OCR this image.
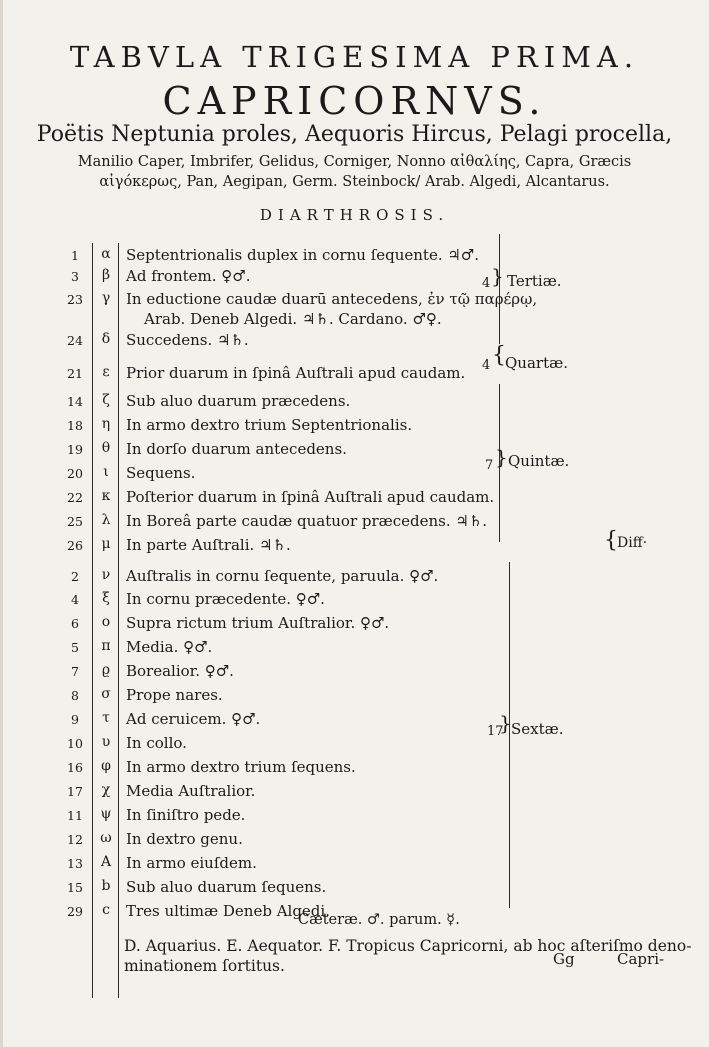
TABVLA TRIGESIMA PRIMA.
CAPRICORNVS.
Poëtis Neptunia proles, Aequoris Hircus, Pelagi procella,
Manilio Caper, Imbrifer, Gelidus, Corniger, Nonno αἰθαλίης, Capra, Græcis
αἰγόκερως, Pan, Aegipan, Germ. Steinbock/ Arab. Algedi, Alcantarus.
DIARTHROSIS.
1	α	Septentrionalis duplex in cornu ſequente. ♃♂.
3	β	Ad frontem. ♀♂.
23	γ	In eductione caudæ duarū antecedens, ἐν τῷ παρέρῳ,
Arab. Deneb Algedi. ♃♄. Cardano. ♂♀.
24	δ	Succedens. ♃♄.
21	ε	Prior duarum in ſpinâ Auſtrali apud caudam.
14	ζ	Sub aluo duarum præcedens.
18	η	In armo dextro trium Septentrionalis.
19	θ	In dorſo duarum antecedens.
20	ι	Sequens.
22	κ	Poſterior duarum in ſpinâ Auſtrali apud caudam.
25	λ	In Boreâ parte caudæ quatuor præcedens. ♃♄.
26	μ	In parte Auſtrali. ♃♄.
2	ν	Auſtralis in cornu ſequente, paruula. ♀♂.
4	ξ	In cornu præcedente. ♀♂.
6	ο	Supra rictum trium Auſtralior. ♀♂.
5	π	Media. ♀♂.
7	ϱ	Borealior. ♀♂.
8	σ	Prope nares.
9	τ	Ad ceruicem. ♀♂.
10	υ	In collo.
16	φ	In armo dextro trium ſequens.
17	χ	Media Auſtralior.
11	ψ In ſiniſtro pede.
12	ω In dextro genu.
13	A In armo eiuſdem.
15	b	Sub aluo duarum ſequens.
29	c	Tres ultimæ Deneb Algedi.
4 } Tertiæ.
4 { Quartæ.
7 } Quintæ.
17
} Sextæ.
{ Diff·
Cæteræ. ♂. parum. ☿.
D. Aquarius. E. Aequator. F. Tropicus Capricorni, ab hoc aſteriſmo deno-
minationem ſortitus.	Gg	Capri-
